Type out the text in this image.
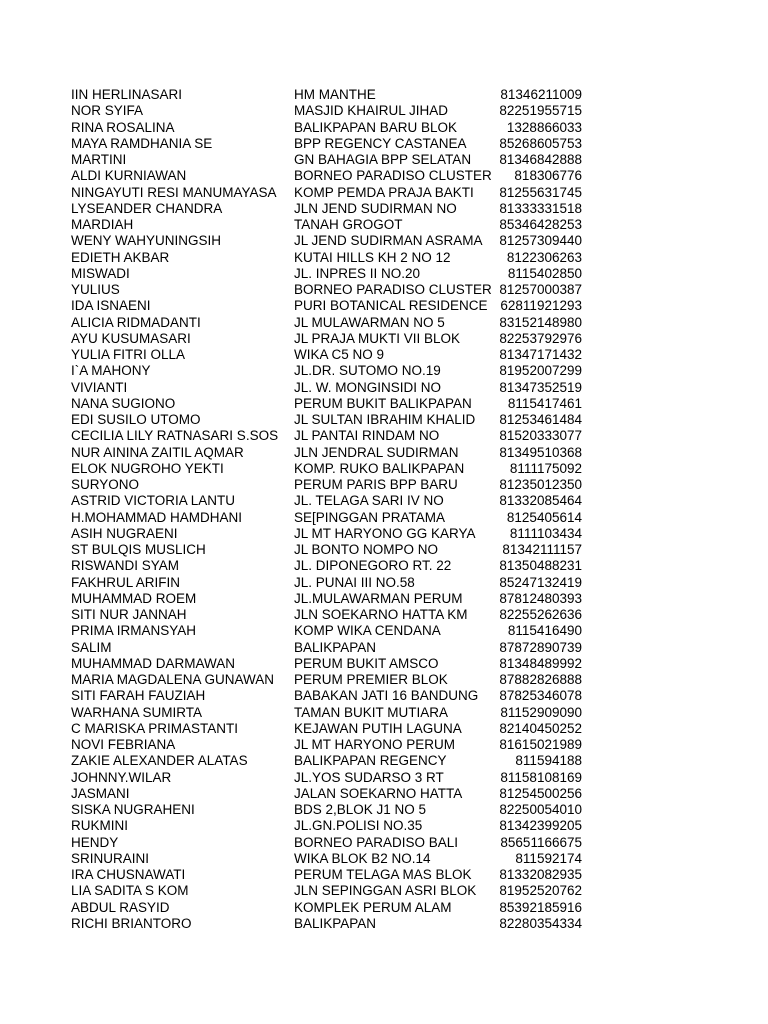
IIN HERLINASARI	HM MANTHE	81346211009
NOR SYIFA	MASJID KHAIRUL JIHAD	82251955715
RINA ROSALINA	BALIKPAPAN BARU BLOK	1328866033
MAYA RAMDHANIA SE	BPP REGENCY CASTANEA	85268605753
MARTINI	GN BAHAGIA BPP SELATAN	81346842888
ALDI KURNIAWAN	BORNEO PARADISO CLUSTER	818306776
NINGAYUTI RESI MANUMAYASA	KOMP PEMDA PRAJA BAKTI	81255631745
LYSEANDER CHANDRA	JLN JEND SUDIRMAN NO	81333331518
MARDIAH	TANAH GROGOT	85346428253
WENY WAHYUNINGSIH	JL JEND SUDIRMAN ASRAMA	81257309440
EDIETH AKBAR	KUTAI HILLS KH 2 NO 12	8122306263
MISWADI	JL. INPRES II NO.20	8115402850
YULIUS	BORNEO PARADISO CLUSTER 81257000387
IDA ISNAENI	PURI BOTANICAL RESIDENCE 62811921293
ALICIA RIDMADANTI	JL MULAWARMAN NO 5	83152148980
AYU KUSUMASARI	JL PRAJA MUKTI VII BLOK	82253792976
YULIA FITRI OLLA	WIKA C5 NO 9	81347171432
I`A MAHONY	JL.DR. SUTOMO NO.19	81952007299
VIVIANTI	JL. W. MONGINSIDI NO	81347352519
NANA SUGIONO	PERUM BUKIT BALIKPAPAN	8115417461
EDI SUSILO UTOMO	JL SULTAN IBRAHIM KHALID	81253461484
CECILIA LILY RATNASARI S.SOS	JL PANTAI RINDAM NO	81520333077
NUR AININA ZAITIL AQMAR	JLN JENDRAL SUDIRMAN	81349510368
ELOK NUGROHO YEKTI	KOMP. RUKO BALIKPAPAN	8111175092
SURYONO	PERUM PARIS BPP BARU	81235012350
ASTRID VICTORIA LANTU	JL. TELAGA SARI IV NO	81332085464
H.MOHAMMAD HAMDHANI	SE[PINGGAN PRATAMA	8125405614
ASIH NUGRAENI	JL MT HARYONO GG KARYA	8111103434
ST BULQIS MUSLICH	JL BONTO NOMPO NO	81342111157
RISWANDI SYAM	JL. DIPONEGORO RT. 22	81350488231
FAKHRUL ARIFIN	JL. PUNAI III NO.58	85247132419
MUHAMMAD ROEM	JL.MULAWARMAN PERUM	87812480393
SITI NUR JANNAH	JLN SOEKARNO HATTA KM	82255262636
PRIMA IRMANSYAH	KOMP WIKA CENDANA	8115416490
SALIM	BALIKPAPAN	87872890739
MUHAMMAD DARMAWAN	PERUM BUKIT AMSCO	81348489992
MARIA MAGDALENA GUNAWAN	PERUM PREMIER BLOK	87882826888
SITI FARAH FAUZIAH	BABAKAN JATI 16 BANDUNG	87825346078
WARHANA SUMIRTA	TAMAN BUKIT MUTIARA	81152909090
C MARISKA PRIMASTANTI	KEJAWAN PUTIH LAGUNA	82140450252
NOVI FEBRIANA	JL MT HARYONO PERUM	81615021989
ZAKIE ALEXANDER ALATAS	BALIKPAPAN REGENCY	811594188
JOHNNY.WILAR	JL.YOS SUDARSO 3 RT	81158108169
JASMANI	JALAN SOEKARNO HATTA	81254500256
SISKA NUGRAHENI	BDS 2,BLOK J1 NO 5	82250054010
RUKMINI	JL.GN.POLISI NO.35	81342399205
HENDY	BORNEO PARADISO BALI	85651166675
SRINURAINI	WIKA BLOK B2 NO.14	811592174
IRA CHUSNAWATI	PERUM TELAGA MAS BLOK	81332082935
LIA SADITA S KOM	JLN SEPINGGAN ASRI BLOK	81952520762
ABDUL RASYID	KOMPLEK PERUM ALAM	85392185916
RICHI BRIANTORO	BALIKPAPAN	82280354334
